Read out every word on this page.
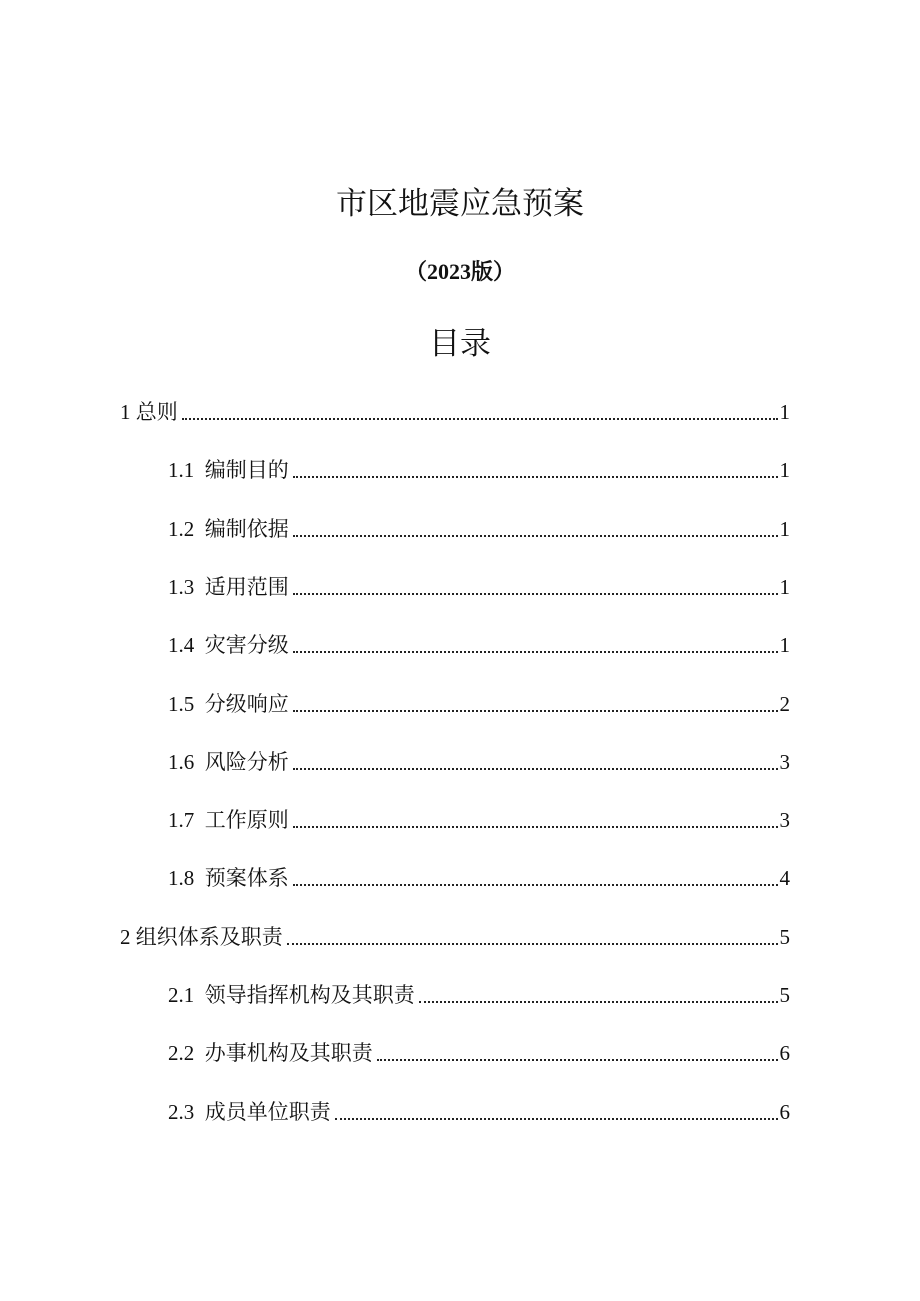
市区地震应急预案
（2023版）
目录
1 总则	1
1.1 编制目的	1
1.2 编制依据	1
1.3 适用范围	1
1.4 灾害分级	1
1.5 分级响应	2
1.6 风险分析	3
1.7 工作原则	3
1.8 预案体系	4
2 组织体系及职责	5
2.1 领导指挥机构及其职责	5
2.2 办事机构及其职责	6
2.3 成员单位职责	6
